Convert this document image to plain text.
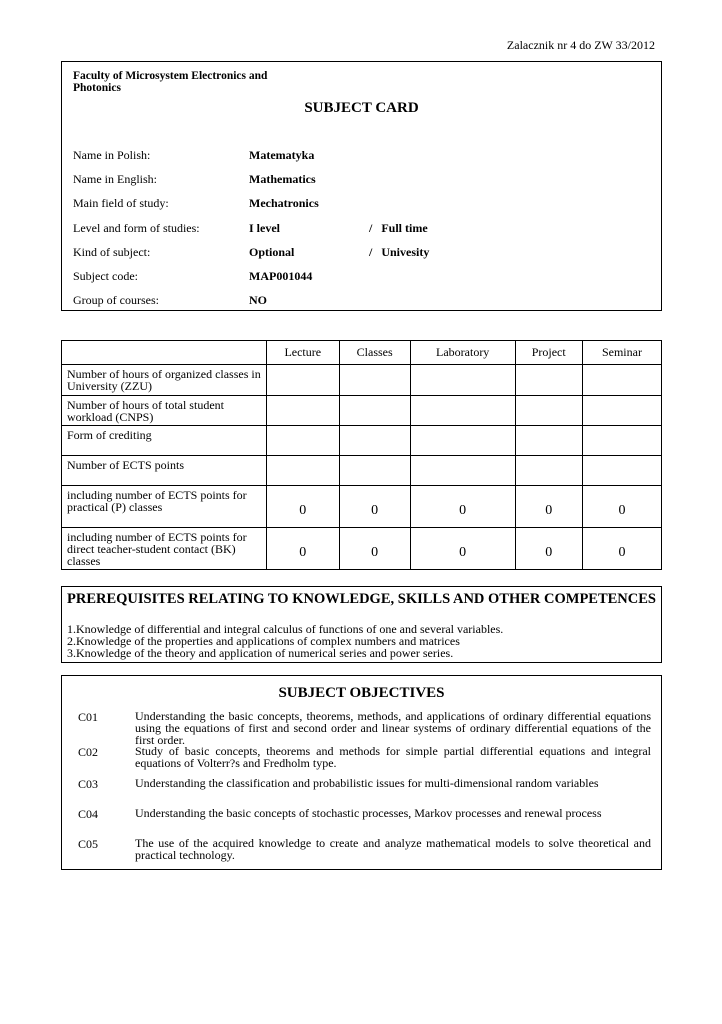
Zalacznik nr 4 do ZW 33/2012
Faculty of Microsystem Electronics and Photonics
SUBJECT CARD
Name in Polish:	Matematyka
Name in English:	Mathematics
Main field of study:	Mechatronics
Level and form of studies:	I level	/   Full time
Kind of subject:	Optional	/   Univesity
Subject code:	MAP001044
Group of courses:	NO
	Lecture	Classes	Laboratory	Project	Seminar
Number of hours of organized classes in University (ZZU)					
Number of hours of total student workload (CNPS)					
Form of crediting					
Number of ECTS points					
including number of ECTS points for practical (P) classes	0	0	0	0	0
including number of ECTS points for direct teacher-student contact (BK) classes	0	0	0	0	0
PREREQUISITES RELATING TO KNOWLEDGE, SKILLS AND OTHER COMPETENCES
1.Knowledge of differential and integral calculus of functions of one and several variables.
2.Knowledge of the properties and applications of complex numbers and matrices
3.Knowledge of the theory and application of numerical series and power series.
SUBJECT OBJECTIVES
C01	Understanding the basic concepts, theorems, methods, and applications of ordinary differential equations using the equations of first and second order and linear systems of ordinary differential equations of the first order.
C02	Study of basic concepts, theorems and methods for simple partial differential equations and integral equations of Volterr?s and Fredholm type.
C03	Understanding the classification and probabilistic issues for multi-dimensional random variables
C04	Understanding the basic concepts of stochastic processes, Markov processes and renewal process
C05	The use of the acquired knowledge to create and analyze mathematical models to solve theoretical and practical technology.
